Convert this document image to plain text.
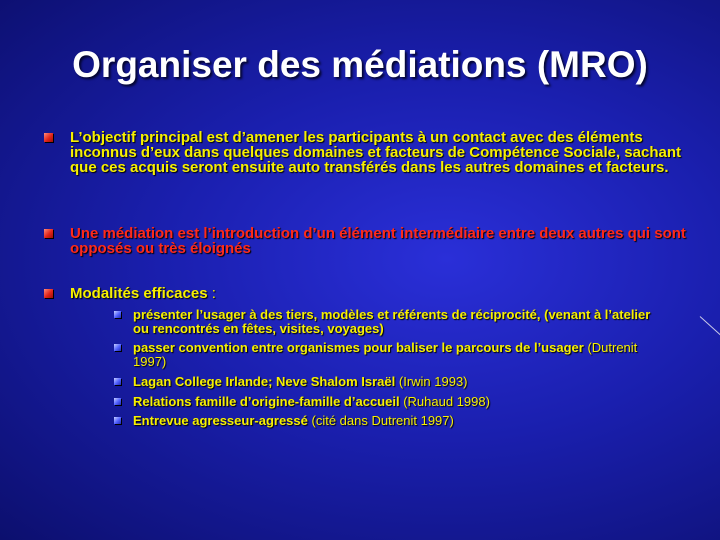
Organiser des médiations (MRO)
L’objectif principal est d’amener les participants à un contact avec des éléments inconnus d’eux dans quelques domaines et facteurs de Compétence Sociale, sachant que ces acquis seront ensuite auto transférés dans les autres domaines et facteurs.
Une médiation est l’introduction d’un élément intermédiaire entre deux autres qui sont opposés ou très éloignés
Modalités efficaces :
présenter l’usager à des tiers, modèles et référents de réciprocité, (venant à l’atelier ou rencontrés en fêtes, visites, voyages)
passer convention entre organismes pour baliser le parcours de l’usager (Dutrenit 1997)
Lagan College Irlande; Neve Shalom Israël (Irwin 1993)
Relations famille d’origine-famille d’accueil (Ruhaud 1998)
Entrevue agresseur-agressé (cité dans Dutrenit 1997)
